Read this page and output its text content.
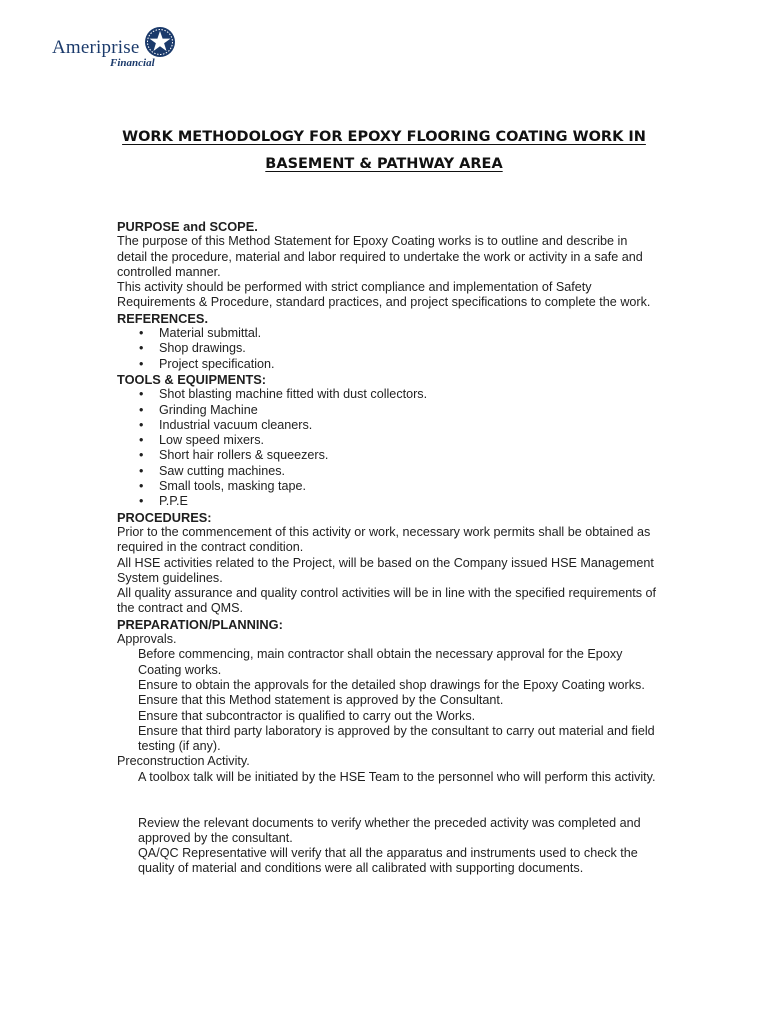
Ameriprise
Financial
WORK METHODOLOGY FOR EPOXY FLOORING COATING WORK IN
BASEMENT & PATHWAY AREA

PURPOSE and SCOPE.

The purpose of this Method Statement for Epoxy Coating works is to outline and describe in detail the procedure, material and labor required to undertake the work or activity in a safe and controlled manner.

This activity should be performed with strict compliance and implementation of Safety Requirements & Procedure, standard practices, and project specifications to complete the work.

REFERENCES.

• Material submittal.
• Shop drawings.
• Project specification.

TOOLS & EQUIPMENTS:

• Shot blasting machine fitted with dust collectors.
• Grinding Machine
• Industrial vacuum cleaners.
• Low speed mixers.
• Short hair rollers & squeezers.
• Saw cutting machines.
• Small tools, masking tape.
• P.P.E

PROCEDURES:

Prior to the commencement of this activity or work, necessary work permits shall be obtained as required in the contract condition.

All HSE activities related to the Project, will be based on the Company issued HSE Management System guidelines.

All quality assurance and quality control activities will be in line with the specified requirements of the contract and QMS.

PREPARATION/PLANNING:

Approvals.

Before commencing, main contractor shall obtain the necessary approval for the Epoxy Coating works.

Ensure to obtain the approvals for the detailed shop drawings for the Epoxy Coating works.

Ensure that this Method statement is approved by the Consultant.

Ensure that subcontractor is qualified to carry out the Works.

Ensure that third party laboratory is approved by the consultant to carry out material and field testing (if any).

Preconstruction Activity.

A toolbox talk will be initiated by the HSE Team to the personnel who will perform this activity.

Review the relevant documents to verify whether the preceded activity was completed and approved by the consultant.

QA/QC Representative will verify that all the apparatus and instruments used to check the quality of material and conditions were all calibrated with supporting documents.
